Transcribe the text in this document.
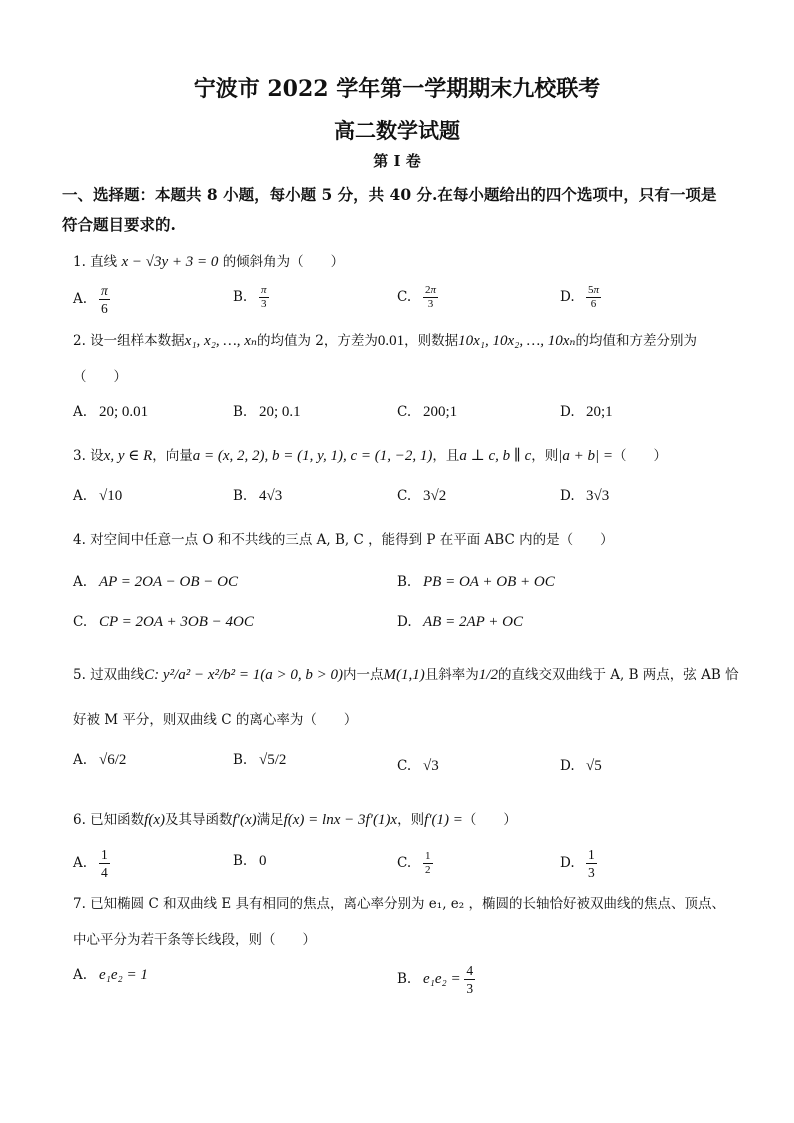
宁波市 2022 学年第一学期期末九校联考
高二数学试题
第 I 卷
一、选择题：本题共 8 小题，每小题 5 分，共 40 分.在每小题给出的四个选项中，只有一项是
符合题目要求的.
1. 直线 x − √3y + 3 = 0 的倾斜角为（　　）
A. $\frac{\pi}{6}$	B. $\frac{\pi}{3}$	C. $\frac{2\pi}{3}$	D. $\frac{5\pi}{6}$
2. 设一组样本数据x₁, x₂, …, xₙ的均值为 2，方差为0.01，则数据10x₁, 10x₂, …, 10xₙ的均值和方差分别为
（　　）
A. 20; 0.01	B. 20; 0.1	C. 200;1	D. 20;1
3. 设x, y ∈ R，向量a = (x, 2, 2), b = (1, y, 1), c = (1, −2, 1)，且a ⊥ c, b ∥ c，则|a + b| =（　　）
A. √10	B. 4√3	C. 3√2	D. 3√3
4. 对空间中任意一点 O 和不共线的三点 A, B, C ，能得到 P 在平面 ABC 内的是（　　）
A. AP = 2OA − OB − OC	B. PB = OA + OB + OC
C. CP = 2OA + 3OB − 4OC	D. AB = 2AP + OC
5. 过双曲线C: y²/a² − x²/b² = 1(a > 0, b > 0)内一点M(1,1)且斜率为1/2的直线交双曲线于 A, B 两点，弦 AB 恰
好被 M 平分，则双曲线 C 的离心率为（　　）
A. √6/2	B. √5/2	C. √3	D. √5
6. 已知函数f(x)及其导函数f′(x)满足f(x) = lnx − 3f′(1)x，则f′(1) =（　　）
A. $\frac{1}{4}$	B. 0	C. $\frac{1}{2}$	D. $\frac{1}{3}$
7. 已知椭圆 C 和双曲线 E 具有相同的焦点，离心率分别为 e₁, e₂ ，椭圆的长轴恰好被双曲线的焦点、顶点、
中心平分为若干条等长线段，则（　　）
A. e₁e₂ = 1	B. $e_1e_2 = \frac{4}{3}$
